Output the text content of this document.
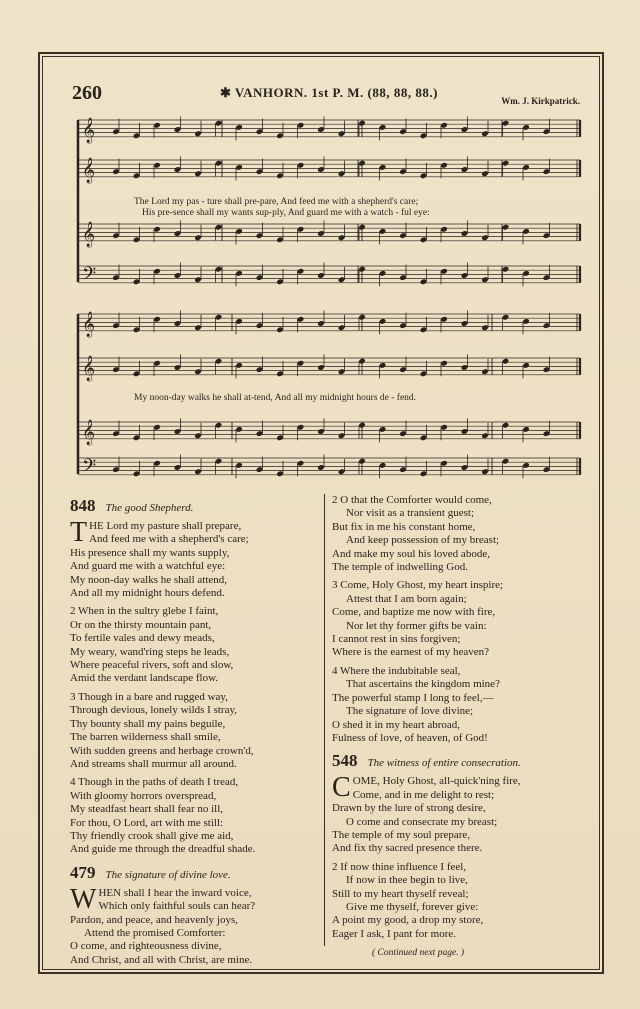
260	✱ VANHORN. 1st P. M. (88, 88, 88.)
Wm. J. Kirkpatrick.
𝄞
𝄞
𝄞
𝄢
𝄞
𝄞
𝄞
𝄢
The Lord my pas - ture shall pre-pare, And feed me with a shepherd's care;
His pre-sence shall my wants sup-ply, And guard me with a watch - ful eye:
My noon-day walks he shall at-tend, And all my midnight hours de - fend.
848 The good Shepherd.
T HE Lord my pasture shall prepare,
And feed me with a shepherd's care;
His presence shall my wants supply,
And guard me with a watchful eye:
My noon-day walks he shall attend,
And all my midnight hours defend.
2 When in the sultry glebe I faint,
Or on the thirsty mountain pant,
To fertile vales and dewy meads,
My weary, wand'ring steps he leads,
Where peaceful rivers, soft and slow,
Amid the verdant landscape flow.
3 Though in a bare and rugged way,
Through devious, lonely wilds I stray,
Thy bounty shall my pains beguile,
The barren wilderness shall smile,
With sudden greens and herbage crown'd,
And streams shall murmur all around.
4 Though in the paths of death I tread,
With gloomy horrors overspread,
My steadfast heart shall fear no ill,
For thou, O Lord, art with me still:
Thy friendly crook shall give me aid,
And guide me through the dreadful shade.
479 The signature of divine love.
W HEN shall I hear the inward voice,
Which only faithful souls can hear?
Pardon, and peace, and heavenly joys,
Attend the promised Comforter:
O come, and righteousness divine,
And Christ, and all with Christ, are mine.
2 O that the Comforter would come,
Nor visit as a transient guest;
But fix in me his constant home,
And keep possession of my breast;
And make my soul his loved abode,
The temple of indwelling God.
3 Come, Holy Ghost, my heart inspire;
Attest that I am born again;
Come, and baptize me now with fire,
Nor let thy former gifts be vain:
I cannot rest in sins forgiven;
Where is the earnest of my heaven?
4 Where the indubitable seal,
That ascertains the kingdom mine?
The powerful stamp I long to feel,—
The signature of love divine;
O shed it in my heart abroad,
Fulness of love, of heaven, of God!
548 The witness of entire consecration.
C OME, Holy Ghost, all-quick'ning fire,
Come, and in me delight to rest;
Drawn by the lure of strong desire,
O come and consecrate my breast;
The temple of my soul prepare,
And fix thy sacred presence there.
2 If now thine influence I feel,
If now in thee begin to live,
Still to my heart thyself reveal;
Give me thyself, forever give:
A point my good, a drop my store,
Eager I ask, I pant for more.
( Continued next page. )
